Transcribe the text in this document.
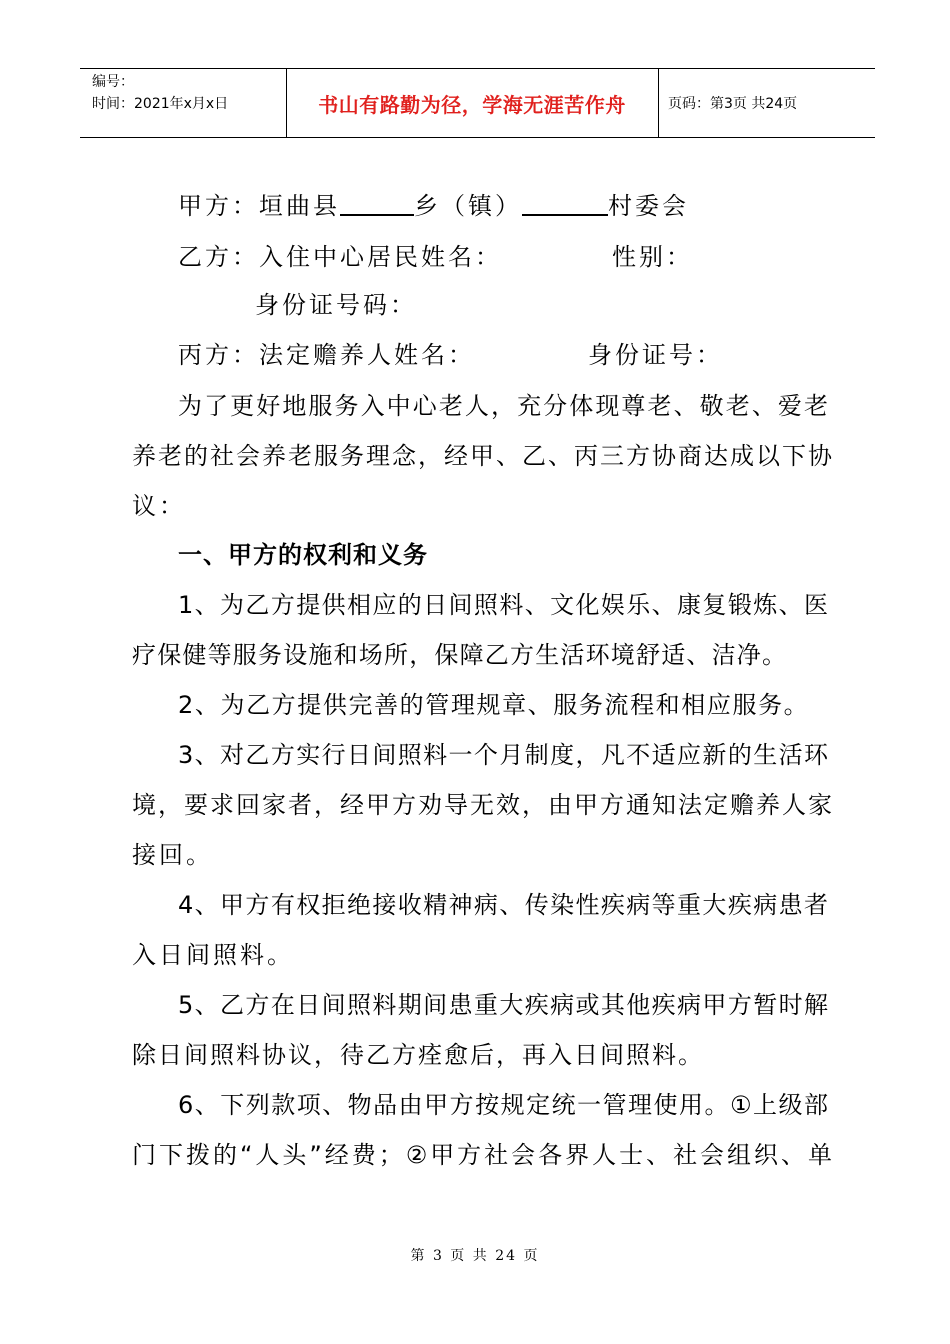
编号：
时间：2021年x月x日	书山有路勤为径，学海无涯苦作舟	页码：第3页 共24页
甲方：垣曲县	乡（镇）	村委会
乙方：入住中心居民姓名：	性别：
身份证号码：
丙方：法定赡养人姓名：	身份证号：
为了更好地服务入中心老人，充分体现尊老、敬老、爱老
养老的社会养老服务理念，经甲、乙、丙三方协商达成以下协
议：
一、甲方的权利和义务
1、为乙方提供相应的日间照料、文化娱乐、康复锻炼、医
疗保健等服务设施和场所，保障乙方生活环境舒适、洁净。
2、为乙方提供完善的管理规章、服务流程和相应服务。
3、对乙方实行日间照料一个月制度，凡不适应新的生活环
境，要求回家者，经甲方劝导无效，由甲方通知法定赡养人家
接回。
4、甲方有权拒绝接收精神病、传染性疾病等重大疾病患者
入日间照料。
5、乙方在日间照料期间患重大疾病或其他疾病甲方暂时解
除日间照料协议，待乙方痊愈后，再入日间照料。
6、下列款项、物品由甲方按规定统一管理使用。①上级部
门下拨的“人头”经费；②甲方社会各界人士、社会组织、单
第 3 页 共 24 页
